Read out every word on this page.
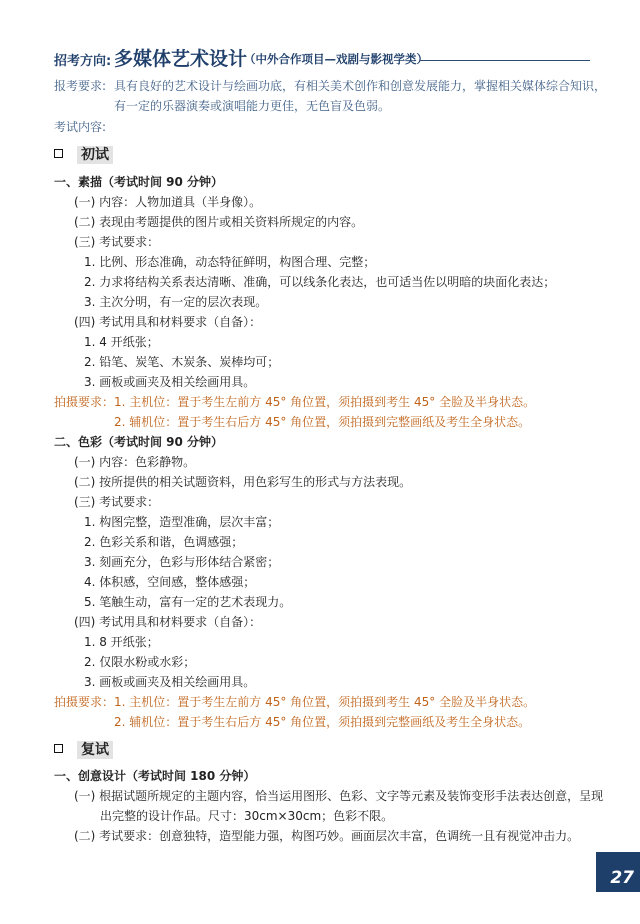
招考方向: 多媒体艺术设计
（中外合作项目—戏剧与影视学类）
报考要求: 具有良好的艺术设计与绘画功底，有相关美术创作和创意发展能力，掌握相关媒体综合知识，
有一定的乐器演奏或演唱能力更佳，无色盲及色弱。
考试内容:
初试
一、素描（考试时间 90 分钟）
(一) 内容：人物加道具（半身像）。
(二) 表现由考题提供的图片或相关资料所规定的内容。
(三) 考试要求：
1. 比例、形态准确，动态特征鲜明，构图合理、完整；
2. 力求将结构关系表达清晰、准确，可以线条化表达，也可适当佐以明暗的块面化表达；
3. 主次分明，有一定的层次表现。
(四) 考试用具和材料要求（自备）：
1. 4 开纸张；
2. 铅笔、炭笔、木炭条、炭棒均可；
3. 画板或画夹及相关绘画用具。
拍摄要求： 1. 主机位：置于考生左前方 45° 角位置，须拍摄到考生 45° 全脸及半身状态。
2. 辅机位：置于考生右后方 45° 角位置，须拍摄到完整画纸及考生全身状态。
二、色彩（考试时间 90 分钟）
(一) 内容：色彩静物。
(二) 按所提供的相关试题资料，用色彩写生的形式与方法表现。
(三) 考试要求：
1. 构图完整，造型准确，层次丰富；
2. 色彩关系和谐，色调感强；
3. 刻画充分，色彩与形体结合紧密；
4. 体积感，空间感，整体感强；
5. 笔触生动，富有一定的艺术表现力。
(四) 考试用具和材料要求（自备）：
1. 8 开纸张；
2. 仅限水粉或水彩；
3. 画板或画夹及相关绘画用具。
拍摄要求： 1. 主机位：置于考生左前方 45° 角位置，须拍摄到考生 45° 全脸及半身状态。
2. 辅机位：置于考生右后方 45° 角位置，须拍摄到完整画纸及考生全身状态。
复试
一、创意设计（考试时间 180 分钟）
(一) 根据试题所规定的主题内容，恰当运用图形、色彩、文字等元素及装饰变形手法表达创意，呈现
出完整的设计作品。尺寸：30cm×30cm；色彩不限。
(二) 考试要求：创意独特，造型能力强，构图巧妙。画面层次丰富，色调统一且有视觉冲击力。
27
